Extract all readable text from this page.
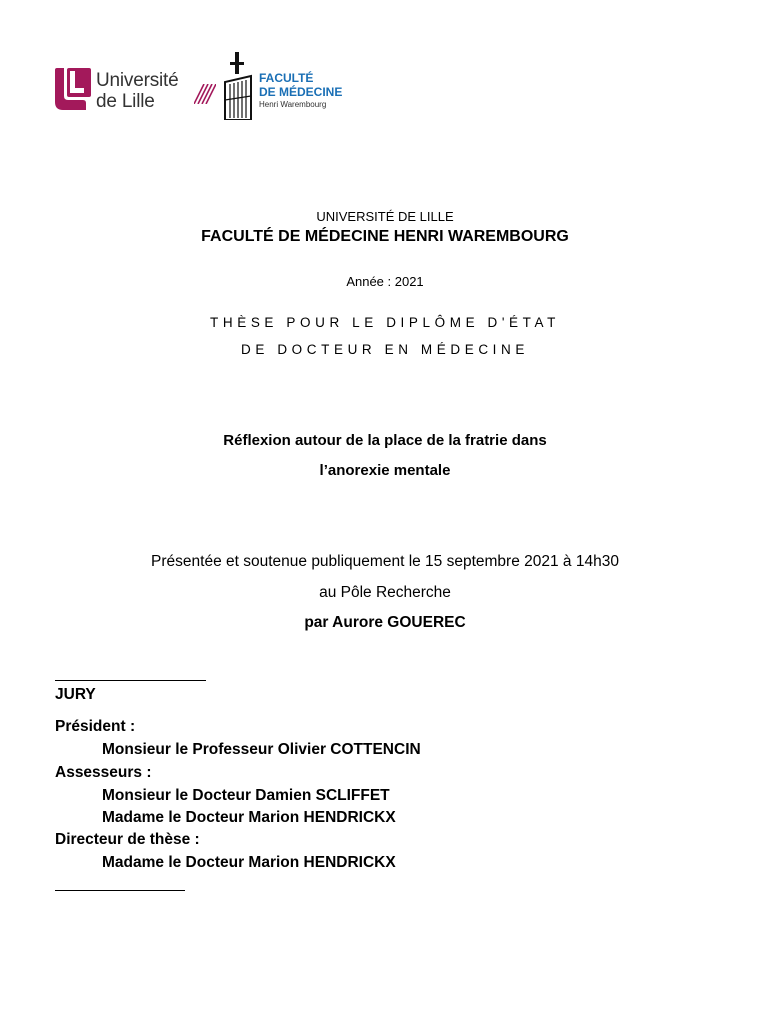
Université
de Lille
FACULTÉ
DE MÉDECINE
Henri Warembourg
UNIVERSITÉ DE LILLE
FACULTÉ DE MÉDECINE HENRI WAREMBOURG
Année : 2021
THÈSE POUR LE DIPLÔME D'ÉTAT
DE DOCTEUR EN MÉDECINE
Réflexion autour de la place de la fratrie dans
l’anorexie mentale
Présentée et soutenue publiquement le 15 septembre 2021 à 14h30
au Pôle Recherche
par Aurore GOUEREC
JURY
Président :
Monsieur le Professeur Olivier COTTENCIN
Assesseurs :
Monsieur le Docteur Damien SCLIFFET
Madame le Docteur Marion HENDRICKX
Directeur de thèse :
Madame le Docteur Marion HENDRICKX
